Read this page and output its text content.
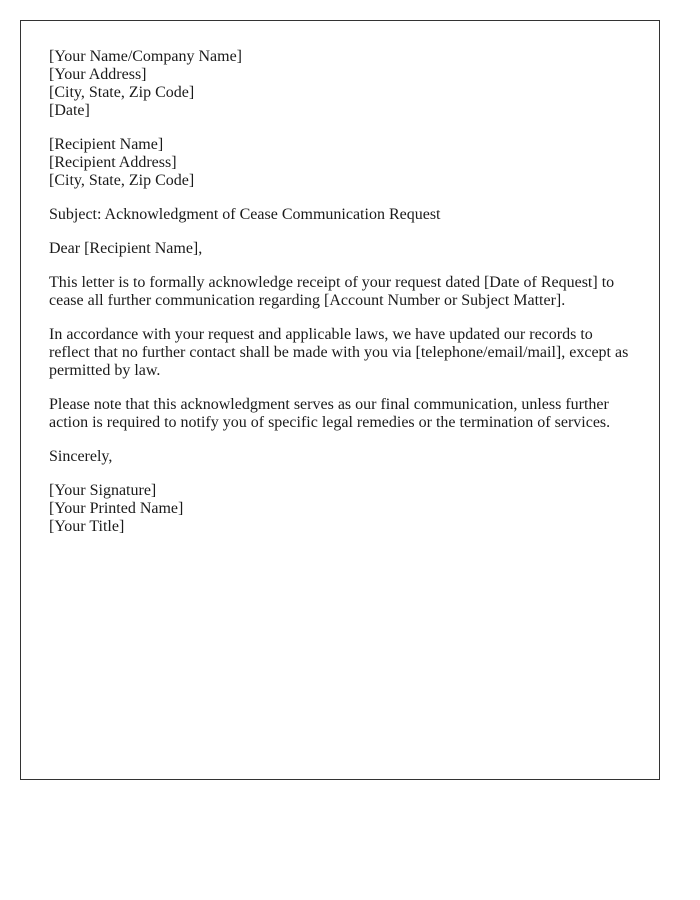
[Your Name/Company Name]
[Your Address]
[City, State, Zip Code]
[Date]
[Recipient Name]
[Recipient Address]
[City, State, Zip Code]

Subject: Acknowledgment of Cease Communication Request

Dear [Recipient Name],

This letter is to formally acknowledge receipt of your request dated [Date of Request] to cease all further communication regarding [Account Number or Subject Matter].

In accordance with your request and applicable laws, we have updated our records to reflect that no further contact shall be made with you via [telephone/email/mail], except as permitted by law.

Please note that this acknowledgment serves as our final communication, unless further action is required to notify you of specific legal remedies or the termination of services.

Sincerely,

[Your Signature]
[Your Printed Name]
[Your Title]
